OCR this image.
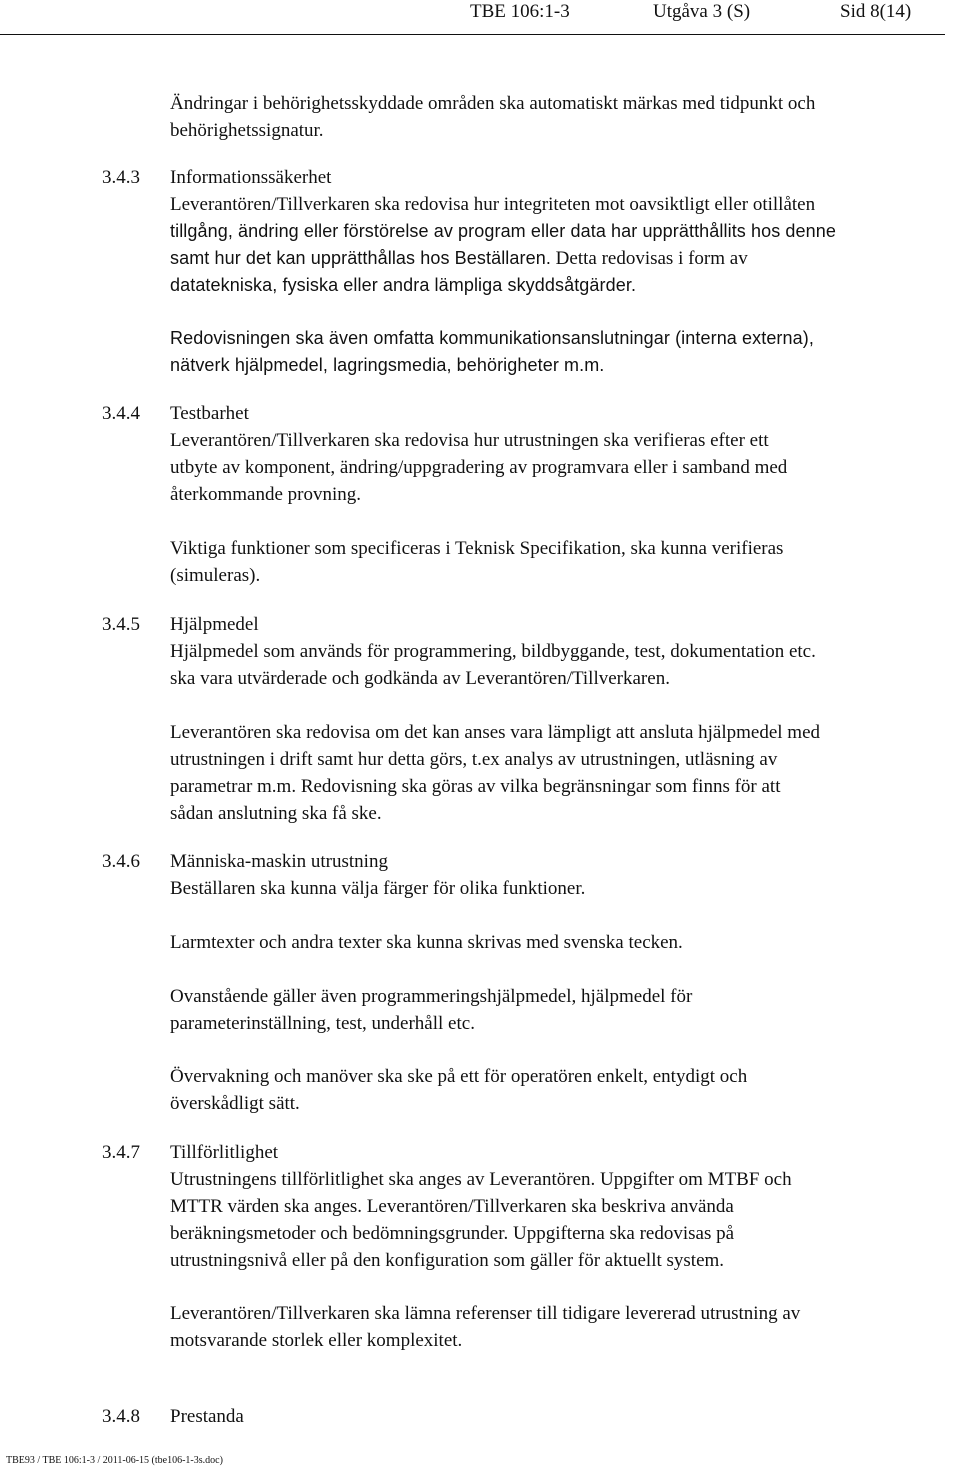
TBE 106:1-3	Utgåva 3 (S)	Sid 8(14)
Ändringar i behörighetsskyddade områden ska automatiskt märkas med tidpunkt och
behörighetssignatur.
3.4.3 Informationssäkerhet
Leverantören/Tillverkaren ska redovisa hur integriteten mot oavsiktligt eller otillåten
tillgång, ändring eller förstörelse av program eller data har upprätthållits hos denne
samt hur det kan upprätthållas hos Beställaren. Detta redovisas i form av
datatekniska, fysiska eller andra lämpliga skyddsåtgärder.
Redovisningen ska även omfatta kommunikationsanslutningar (interna externa),
nätverk hjälpmedel, lagringsmedia, behörigheter m.m.
3.4.4 Testbarhet
Leverantören/Tillverkaren ska redovisa hur utrustningen ska verifieras efter ett
utbyte av komponent, ändring/uppgradering av programvara eller i samband med
återkommande provning.
Viktiga funktioner som specificeras i Teknisk Specifikation, ska kunna verifieras
(simuleras).
3.4.5 Hjälpmedel
Hjälpmedel som används för programmering, bildbyggande, test, dokumentation etc.
ska vara utvärderade och godkända av Leverantören/Tillverkaren.
Leverantören ska redovisa om det kan anses vara lämpligt att ansluta hjälpmedel med
utrustningen i drift samt hur detta görs, t.ex analys av utrustningen, utläsning av
parametrar m.m. Redovisning ska göras av vilka begränsningar som finns för att
sådan anslutning ska få ske.
3.4.6 Människa-maskin utrustning
Beställaren ska kunna välja färger för olika funktioner.
Larmtexter och andra texter ska kunna skrivas med svenska tecken.
Ovanstående gäller även programmeringshjälpmedel, hjälpmedel för
parameterinställning, test, underhåll etc.
Övervakning och manöver ska ske på ett för operatören enkelt, entydigt och
överskådligt sätt.
3.4.7 Tillförlitlighet
Utrustningens tillförlitlighet ska anges av Leverantören. Uppgifter om MTBF och
MTTR värden ska anges. Leverantören/Tillverkaren ska beskriva använda
beräkningsmetoder och bedömningsgrunder. Uppgifterna ska redovisas på
utrustningsnivå eller på den konfiguration som gäller för aktuellt system.
Leverantören/Tillverkaren ska lämna referenser till tidigare levererad utrustning av
motsvarande storlek eller komplexitet.
3.4.8 Prestanda
TBE93 / TBE 106:1-3 / 2011-06-15 (tbe106-1-3s.doc)
